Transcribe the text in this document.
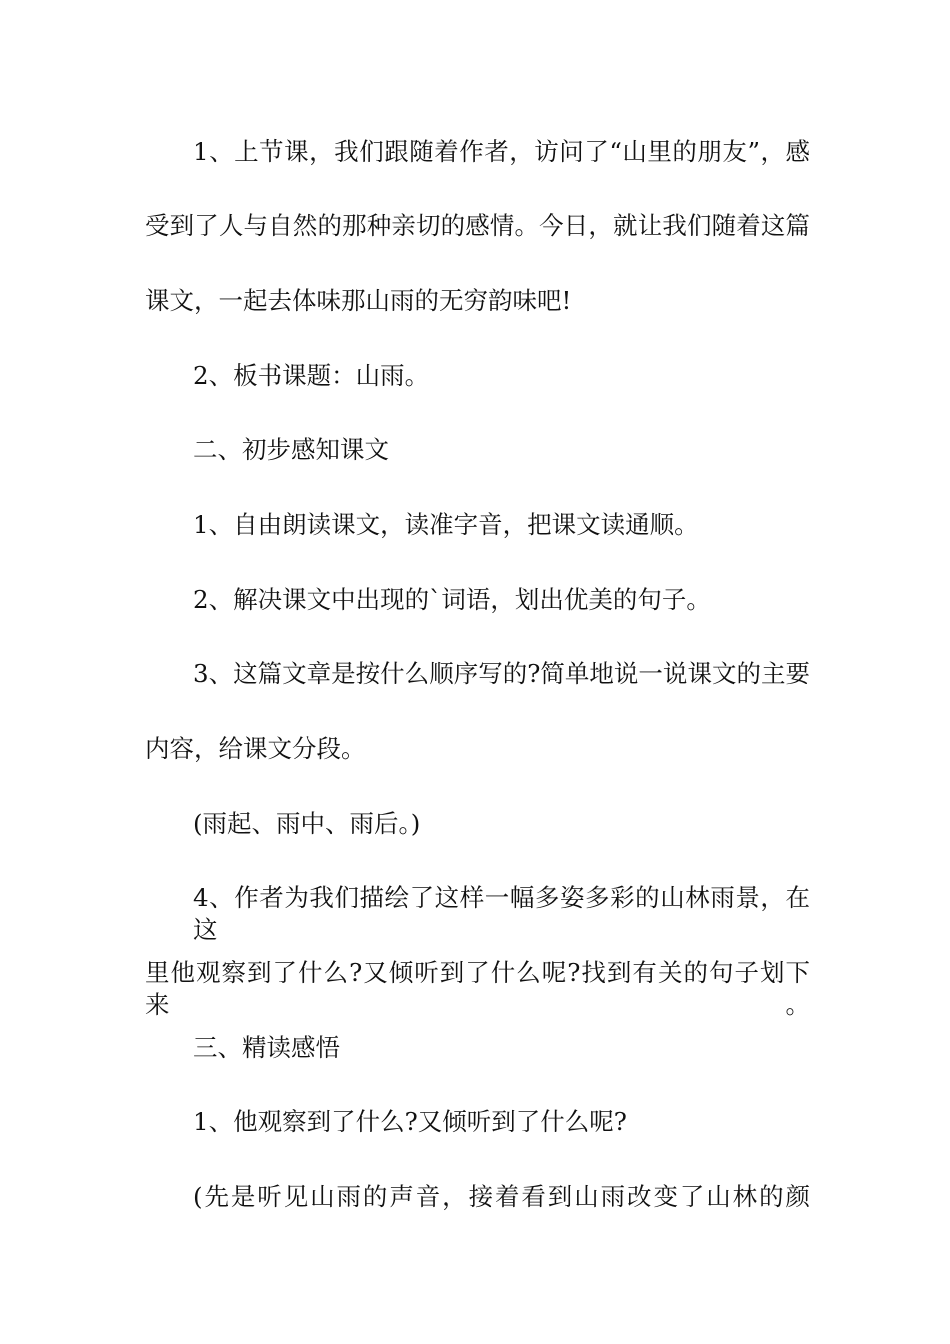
1、上节课，我们跟随着作者，访问了“山里的朋友”，感
受到了人与自然的那种亲切的感情。今日，就让我们随着这篇
课文，一起去体味那山雨的无穷韵味吧!
2、板书课题：山雨。
二、初步感知课文
1、自由朗读课文，读准字音，把课文读通顺。
2、解决课文中出现的`词语，划出优美的句子。
3、这篇文章是按什么顺序写的?简单地说一说课文的主要
内容，给课文分段。
(雨起、雨中、雨后。)
4、作者为我们描绘了这样一幅多姿多彩的山林雨景，在这
里他观察到了什么?又倾听到了什么呢?找到有关的句子划下来。
三、精读感悟
1、他观察到了什么?又倾听到了什么呢?
(先是听见山雨的声音，接着看到山雨改变了山林的颜
